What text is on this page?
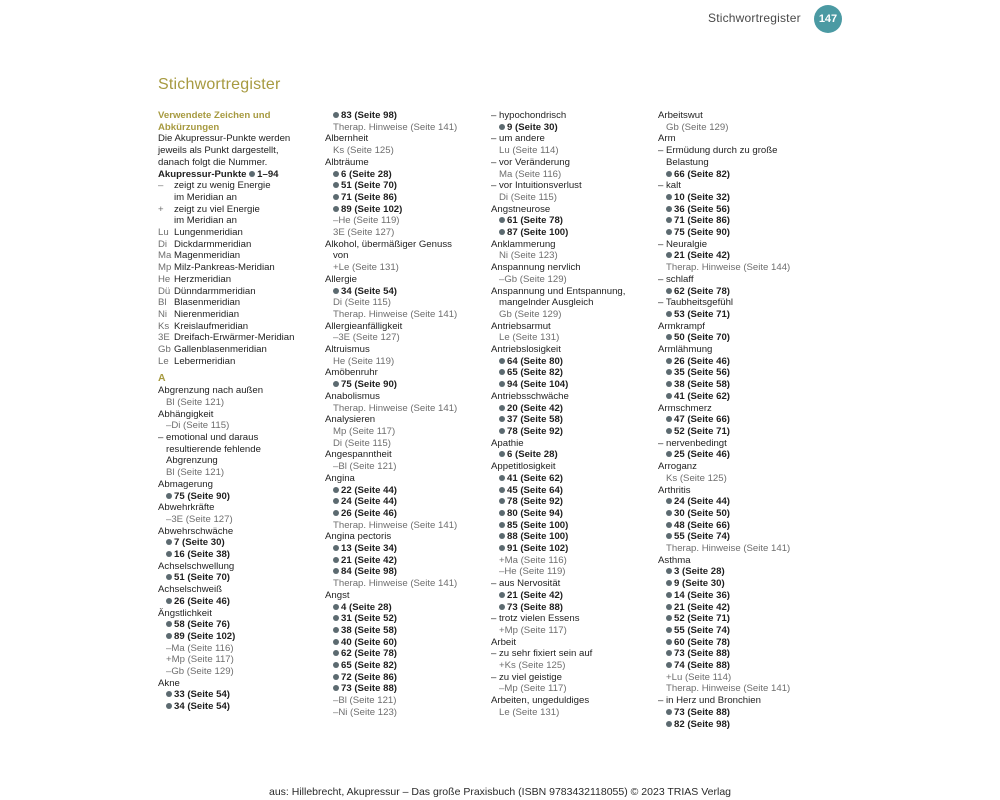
Stichwortregister	147
Stichwortregister
Verwendete Zeichen und
Abkürzungen
Die Akupressur-Punkte werden
jeweils als Punkt dargestellt,
danach folgt die Nummer.
Akupressur-Punkte 1–94
– zeigt zu wenig Energie
im Meridian an
+ zeigt zu viel Energie
im Meridian an
Lu Lungenmeridian
Di Dickdarmmeridian
Ma Magenmeridian
Mp Milz-Pankreas-Meridian
He Herzmeridian
Dü Dünndarmmeridian
Bl Blasenmeridian
Ni Nierenmeridian
Ks Kreislaufmeridian
3E Dreifach-Erwärmer-Meridian
Gb Gallenblasenmeridian
Le Lebermeridian
A
Abgrenzung nach außen
Bl (Seite 121)
Abhängigkeit
–Di (Seite 115)
– emotional und daraus
resultierende fehlende
Abgrenzung
Bl (Seite 121)
Abmagerung
75 (Seite 90)
Abwehrkräfte
–3E (Seite 127)
Abwehrschwäche
7 (Seite 30)
16 (Seite 38)
Achselschwellung
51 (Seite 70)
Achselschweiß
26 (Seite 46)
Ängstlichkeit
58 (Seite 76)
89 (Seite 102)
–Ma (Seite 116)
+Mp (Seite 117)
–Gb (Seite 129)
Akne
33 (Seite 54)
34 (Seite 54)
83 (Seite 98)
Therap. Hinweise (Seite 141)
Albernheit
Ks (Seite 125)
Albträume
6 (Seite 28)
51 (Seite 70)
71 (Seite 86)
89 (Seite 102)
–He (Seite 119)
3E (Seite 127)
Alkohol, übermäßiger Genuss
von
+Le (Seite 131)
Allergie
34 (Seite 54)
Di (Seite 115)
Therap. Hinweise (Seite 141)
Allergieanfälligkeit
–3E (Seite 127)
Altruismus
He (Seite 119)
Amöbenruhr
75 (Seite 90)
Anabolismus
Therap. Hinweise (Seite 141)
Analysieren
Mp (Seite 117)
Di (Seite 115)
Angespanntheit
–Bl (Seite 121)
Angina
22 (Seite 44)
24 (Seite 44)
26 (Seite 46)
Therap. Hinweise (Seite 141)
Angina pectoris
13 (Seite 34)
21 (Seite 42)
84 (Seite 98)
Therap. Hinweise (Seite 141)
Angst
4 (Seite 28)
31 (Seite 52)
38 (Seite 58)
40 (Seite 60)
62 (Seite 78)
65 (Seite 82)
72 (Seite 86)
73 (Seite 88)
–Bl (Seite 121)
–Ni (Seite 123)
– hypochondrisch
9 (Seite 30)
– um andere
Lu (Seite 114)
– vor Veränderung
Ma (Seite 116)
– vor Intuitionsverlust
Di (Seite 115)
Angstneurose
61 (Seite 78)
87 (Seite 100)
Anklammerung
Ni (Seite 123)
Anspannung nervlich
–Gb (Seite 129)
Anspannung und Entspannung,
mangelnder Ausgleich
Gb (Seite 129)
Antriebsarmut
Le (Seite 131)
Antriebslosigkeit
64 (Seite 80)
65 (Seite 82)
94 (Seite 104)
Antriebsschwäche
20 (Seite 42)
37 (Seite 58)
78 (Seite 92)
Apathie
6 (Seite 28)
Appetitlosigkeit
41 (Seite 62)
45 (Seite 64)
78 (Seite 92)
80 (Seite 94)
85 (Seite 100)
88 (Seite 100)
91 (Seite 102)
+Ma (Seite 116)
–He (Seite 119)
– aus Nervosität
21 (Seite 42)
73 (Seite 88)
– trotz vielen Essens
+Mp (Seite 117)
Arbeit
– zu sehr fixiert sein auf
+Ks (Seite 125)
– zu viel geistige
–Mp (Seite 117)
Arbeiten, ungeduldiges
Le (Seite 131)
Arbeitswut
Gb (Seite 129)
Arm
– Ermüdung durch zu große
Belastung
66 (Seite 82)
– kalt
10 (Seite 32)
36 (Seite 56)
71 (Seite 86)
75 (Seite 90)
– Neuralgie
21 (Seite 42)
Therap. Hinweise (Seite 144)
– schlaff
62 (Seite 78)
– Taubheitsgefühl
53 (Seite 71)
Armkrampf
50 (Seite 70)
Armlähmung
26 (Seite 46)
35 (Seite 56)
38 (Seite 58)
41 (Seite 62)
Armschmerz
47 (Seite 66)
52 (Seite 71)
– nervenbedingt
25 (Seite 46)
Arroganz
Ks (Seite 125)
Arthritis
24 (Seite 44)
30 (Seite 50)
48 (Seite 66)
55 (Seite 74)
Therap. Hinweise (Seite 141)
Asthma
3 (Seite 28)
9 (Seite 30)
14 (Seite 36)
21 (Seite 42)
52 (Seite 71)
55 (Seite 74)
60 (Seite 78)
73 (Seite 88)
74 (Seite 88)
+Lu (Seite 114)
Therap. Hinweise (Seite 141)
– in Herz und Bronchien
73 (Seite 88)
82 (Seite 98)
aus: Hillebrecht, Akupressur – Das große Praxisbuch (ISBN 9783432118055) © 2023 TRIAS Verlag
